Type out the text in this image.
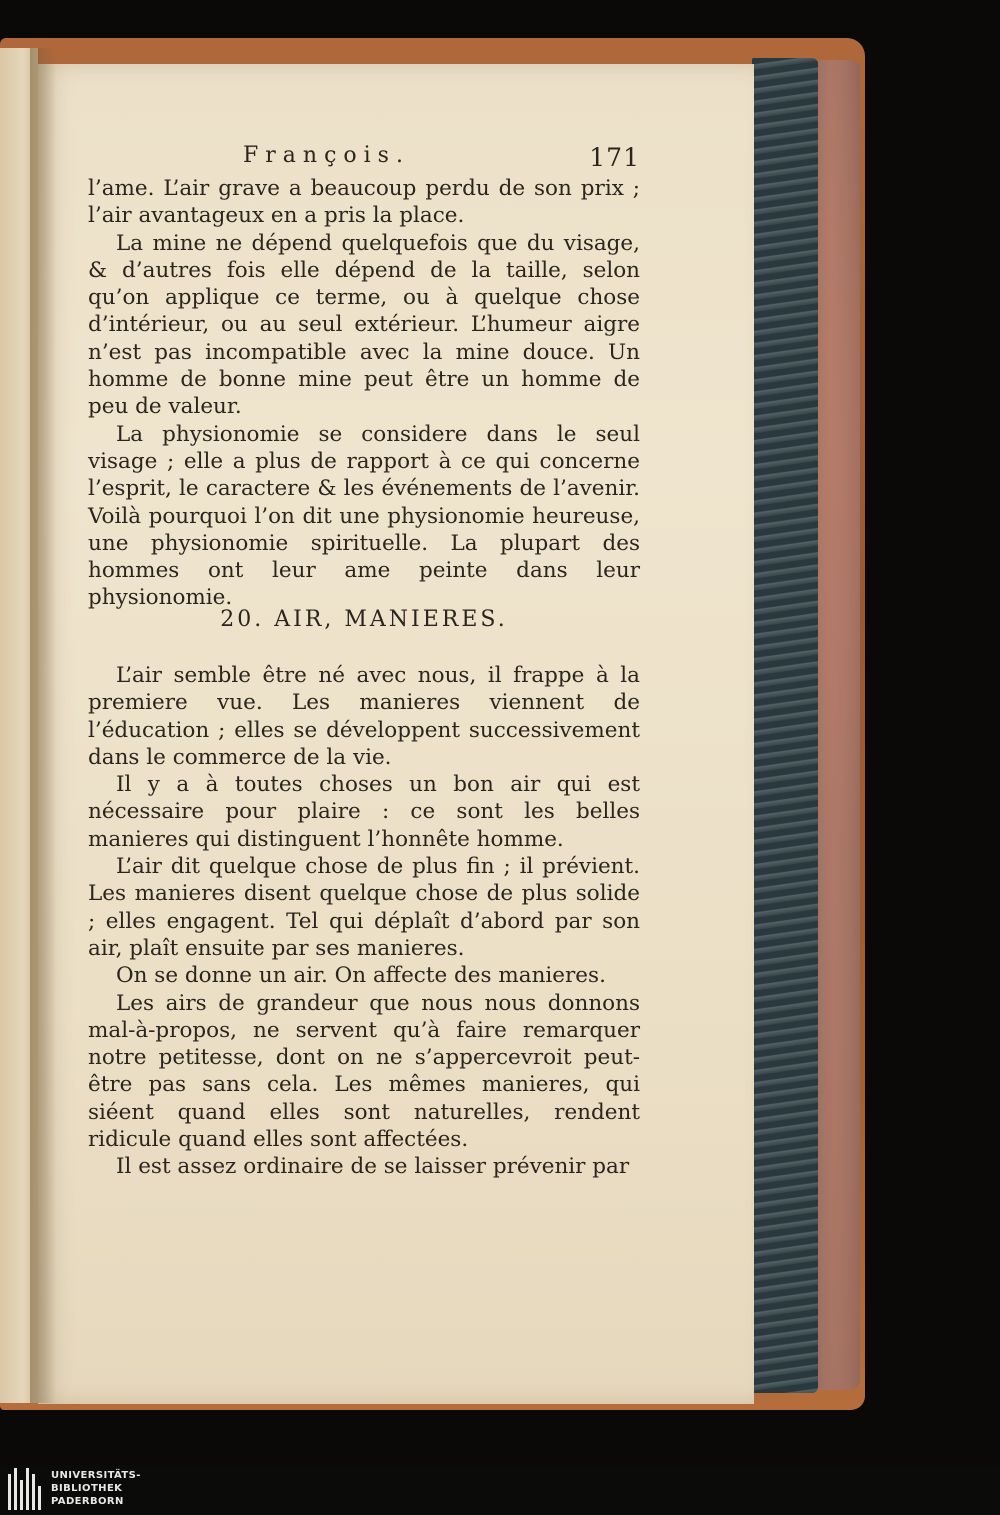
François.	171

l’ame. L’air grave a beaucoup perdu de son prix ; l’air avantageux en a pris la place.

La mine ne dépend quelquefois que du visage, & d’autres fois elle dépend de la taille, selon qu’on applique ce terme, ou à quelque chose d’intérieur, ou au seul extérieur. L’humeur aigre n’est pas incompatible avec la mine douce. Un homme de bonne mine peut être un homme de peu de valeur.

La physionomie se considere dans le seul visage ; elle a plus de rapport à ce qui concerne l’esprit, le caractere & les événements de l’avenir. Voilà pourquoi l’on dit une physionomie heureuse, une physionomie spirituelle. La plupart des hommes ont leur ame peinte dans leur physionomie.

20. AIR, MANIERES.

L’air semble être né avec nous, il frappe à la premiere vue. Les manieres viennent de l’éducation ; elles se développent successivement dans le commerce de la vie.

Il y a à toutes choses un bon air qui est nécessaire pour plaire : ce sont les belles manieres qui distinguent l’honnête homme.

L’air dit quelque chose de plus fin ; il prévient. Les manieres disent quelque chose de plus solide ; elles engagent. Tel qui déplaît d’abord par son air, plaît ensuite par ses manieres.

On se donne un air. On affecte des manieres.

Les airs de grandeur que nous nous donnons mal-à-propos, ne servent qu’à faire remarquer notre petitesse, dont on ne s’appercevroit peut-être pas sans cela. Les mêmes manieres, qui siéent quand elles sont naturelles, rendent ridicule quand elles sont affectées.

Il est assez ordinaire de se laisser prévenir par

UNIVERSITÄTS-
BIBLIOTHEK
PADERBORN
